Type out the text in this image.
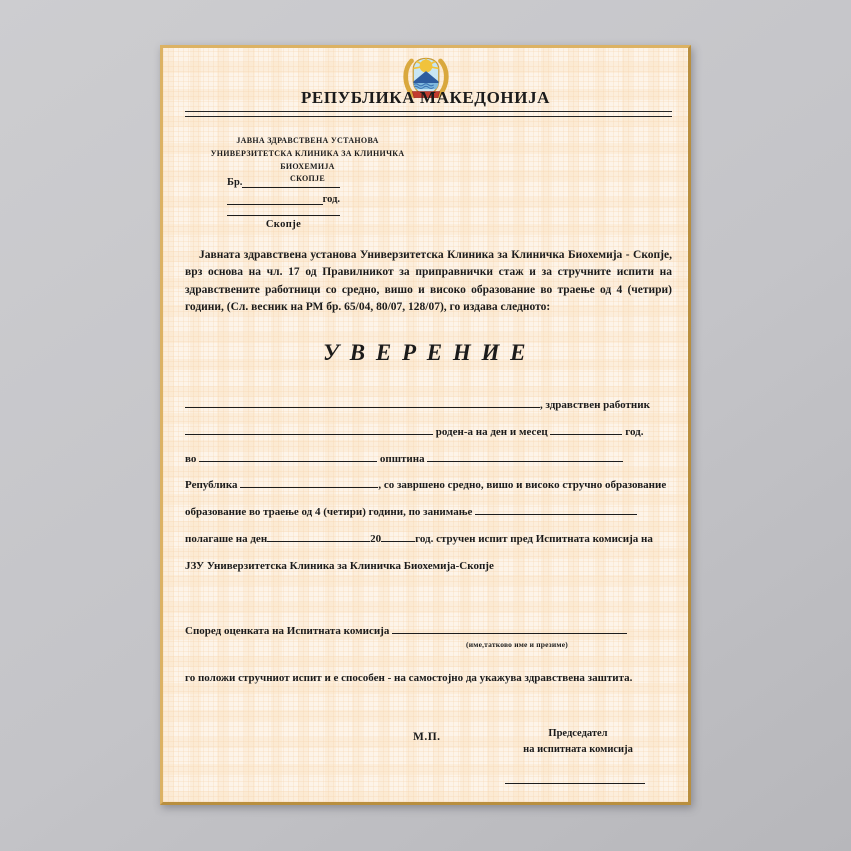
РЕПУБЛИКА МАКЕДОНИЈА
ЈАВНА ЗДРАВСТВЕНА УСТАНОВА
УНИВЕРЗИТЕТСКА КЛИНИКА ЗА КЛИНИЧКА БИОХЕМИЈА
СКОПЈЕ
Бр.
год.
Скопје
Јавната здравствена установа Универзитетска Клиника за Клиничка Биохемија - Скопје, врз основа на чл. 17 од Правилникот за приправнички стаж и за стручните испити на здравствените работници со средно, вишо и високо образование во траење од 4 (четири) години, (Сл. весник на РМ бр. 65/04, 80/07, 128/07), го издава следното:
У В Е Р Е Н И Е
, здравствен работник
роден-а на ден и месец	год.
во	општина
Република	, со завршено средно, вишо и високо стручно образование
образование во траење од 4 (четири) години, по занимање
полагаше на ден	20	год. стручен испит пред Испитната комисија на
ЈЗУ Универзитетска Клиника за Клиничка Биохемија-Скопје
Според оценката на Испитната комисија
(име,татково име и презиме)
го положи стручниот испит и е способен - на самостојно да укажува здравствена заштита.
М.П.	Председател
на испитната комисија
